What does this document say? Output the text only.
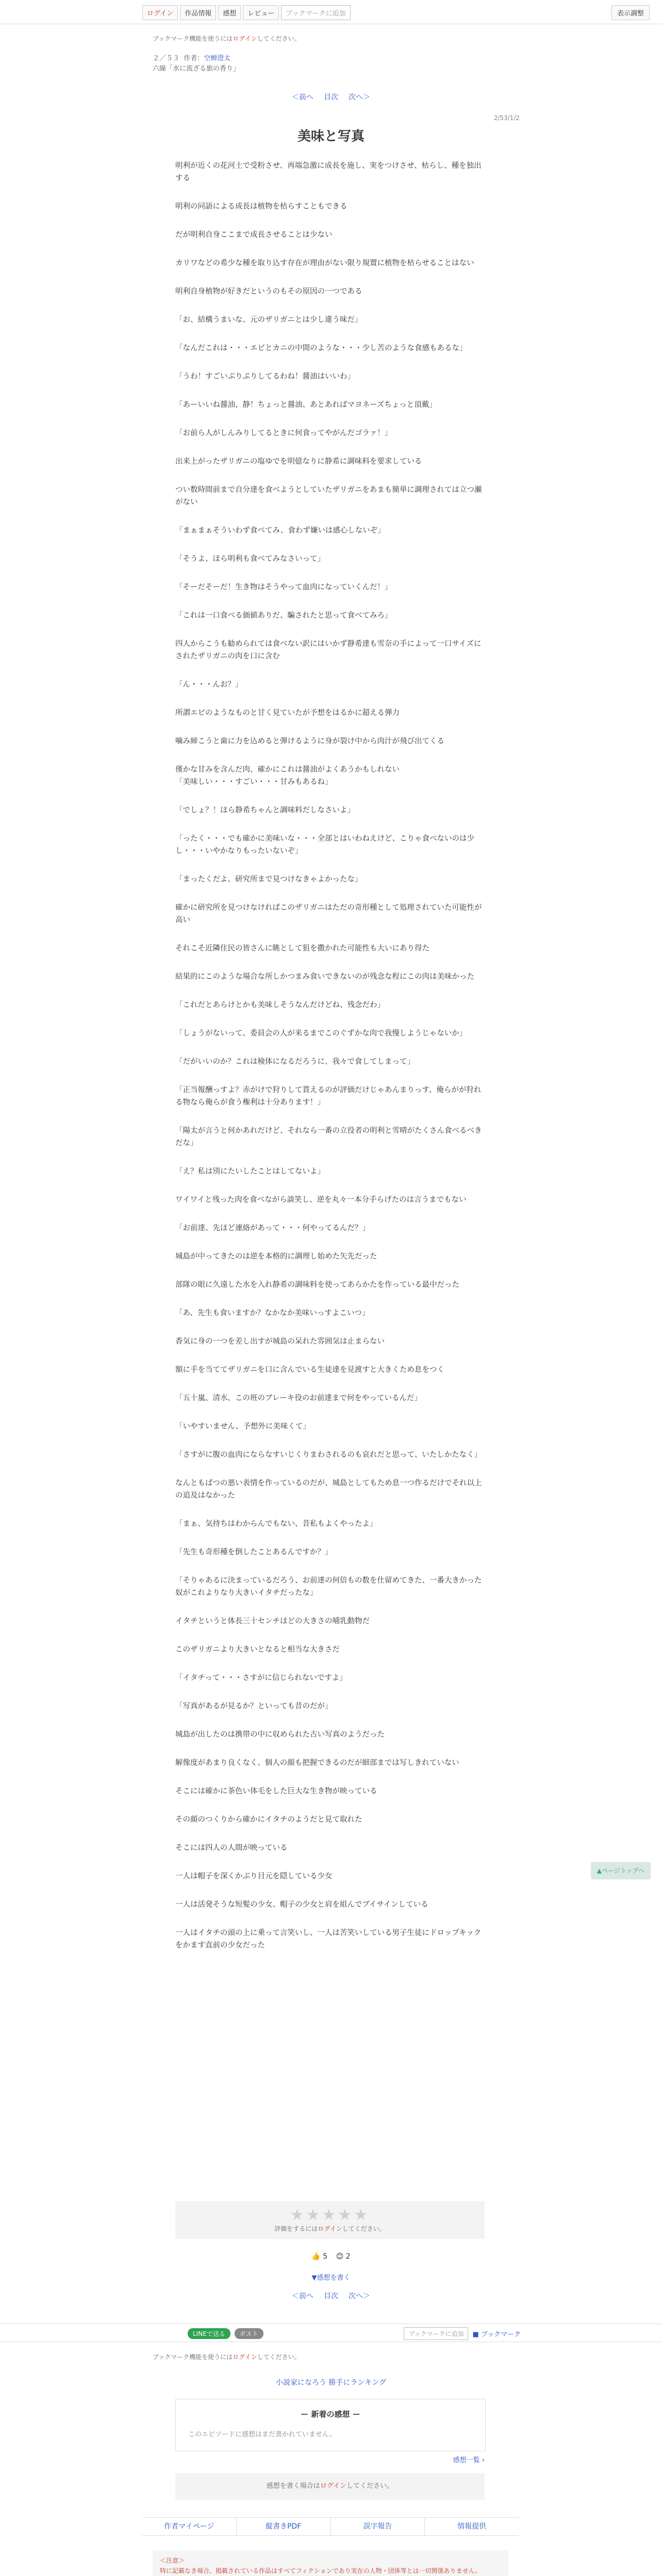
ログイン	作品情報	感想	レビュー	ブックマークに追加	表示調整
ブックマーク機能を使うにはログインしてください。
２／５３ 作者：空蝉澄太
六線「水に流ざる旅の香り」
＜前へ 目次 次へ＞
2/53/1/2
美味と写真

明利が近くの花河土で受粉させ、再端急激に成長を施し、実をつけさせ、枯らし、種を独出する

明利の同語による成長は植物を枯らすこともできる

だが明利自身ここまで成長させることは少ない

カリワなどの希少な種を取り込す存在が理由がない限り規置に植物を枯らせることはない

明利自身植物が好きだというのもその原因の一つである

「お、結構うまいな、元のザリガニとは少し違う味だ」

「なんだこれは・・・エビとカニの中間のような・・・少し苦のような食感もあるな」

「うわ！すごいぷりぷりしてるわね！醤油はいいわ」

「あーいいね醤油、静！ちょっと醤油、あとあればマヨネーズちょっと頂戴」

「お前ら人がしんみりしてるときに何食ってやがんだゴラァ！」

出来上がったザリガニの塩ゆでを明億なりに静希に調味料を要求している

つい数時間前まで自分達を食べようとしていたザリガニをあまも簡単に調理されては立つ瀬がない

「まぁまぁそういわず食べてみ、食わず嫌いは感心しないぞ」

「そうよ、ほら明利も食べてみなさいって」

「そーだそーだ！生き物はそうやって血肉になっていくんだ！」

「これは一口食べる価値ありだ、騙されたと思って食べてみろ」

四人からこうも勧められては食べない訳にはいかず静希達も雪奈の手によって一口サイズにされたザリガニの肉を口に含む

「ん・・・んお？」

所謂エビのようなものと甘く見ていたが予想をはるかに超える弾力

噛み締こうと歯に力を込めると弾けるように身が裂け中から肉汁が飛び出てくる

僅かな甘みを含んだ肉、確かにこれは醤油がよくあうかもしれない
「美味しい・・・すごい・・・甘みもあるね」

「でしょ？！ほら静希ちゃんと調味料だしなさいよ」

「ったく・・・でも確かに美味いな・・・全部とはいわねえけど、こりゃ食べないのは少し・・・いやかなりもったいないぞ」

「まったくだよ、研究所まで見つけなきゃよかったな」

確かに研究所を見つけなければこのザリガニはただの奇形種として処理されていた可能性が高い

それこそ近隣住民の皆さんに眺として狙を撒かれた可能性も大いにあり得た

結果的にこのような場合な所しかつまみ食いできないのが残念な程にこの肉は美味かった

「これだとあらけとかも美味しそうなんだけどね、残念だわ」

「しょうがないって、委員会の人が来るまでこのぐずかな肉で我慢しようじゃないか」

「だがいいのか？これは検体になるだろうに、我々で食してしまって」

「正当報酬っすよ？赤がけで狩りして貰えるのが評価だけじゃあんまりっす、俺らがが狩れる物なら俺らが食う権利は十分あります！」

「陽太が言うと何かあれだけど、それなら一番の立役者の明利と雪晴がたくさん食べるべきだな」

「え？私は別にたいしたことはしてないよ」

ワイワイと残った肉を食べながら談笑し、逆を丸々一本分手らげたのは言うまでもない

「お前達、先ほど連絡があって・・・何やってるんだ？」

城島が中ってきたのは逆を本格的に調理し始めた矢先だった

部隊の眼に久遠した水を入れ静希の調味料を使ってあらかたを作っている最中だった

「あ、先生も食いますか？なかなか美味いっすよこいつ」

香気に身の一つを差し出すが城島の呆れた雰囲気は止まらない

額に手を当ててザリガニを口に含んでいる生徒達を見渡すと大きくため息をつく

「五十嵐、清水、この班のブレーキ役のお前達まで何をやっているんだ」

「いやすいません、予想外に美味くて」

「さすがに腹の血肉にならなすいじくりまわされるのも哀れだと思って、いたしかたなく」

なんともばつの悪い表情を作っているのだが、城島としてもため息一つ作るだけでそれ以上の追及はなかった

「まぁ、気持ちはわからんでもない、昔私もよくやったよ」

「先生も奇形種を倒したことあるんですか？」

「そりゃあるに決まっているだろう、お前達の何倍もの数を仕留めてきた、一番大きかった奴がこれよりなり大きいイタチだったな」

イタチというと体長三十センチほどの大きさの哺乳動物だ

このザリガニより大きいとなると相当な大きさだ

「イタチって・・・さすがに信じられないですよ」

「写真があるが見るか？といっても昔のだが」

城島が出したのは携帯の中に収められた古い写真のようだった

解像度があまり良くなく、個人の顔も把握できるのだが細部までは写しきれていない

そこには確かに茶色い体毛をした巨大な生き物が映っている

その顔のつくりから確かにイタチのようだと見て取れた

そこには四人の人間が映っている

一人は帽子を深くかぶり目元を隠している少女

一人は活発そうな短髪の少女、帽子の少女と肩を組んでブイサインしている

一人はイタチの頭の上に乗って言笑いし、一人は苦笑いしている男子生徒にドロップキックをかます直前の少女だった

▲ページトップへ
★★★★★
評価をするにはログインしてください。
👍 5 😊 2
▼感想を書く
＜前へ 目次 次へ＞
LINEで送る	ポスト	ブックマークに追加	■ ブックマーク
ブックマーク機能を使うにはログインしてください。
小説家になろう 勝手にランキング
ー 新着の感想 ー
このエピソードに感想はまだ書かれていません。
感想一覧 ›
感想を書く場合はログインしてください。
作者マイページ	縦書きPDF	誤字報告	情報提供

＜注意＞

特に記載なき場合、掲載されている作品はすべてフィクションであり実在の人物・団体等とは一切関係ありません。
